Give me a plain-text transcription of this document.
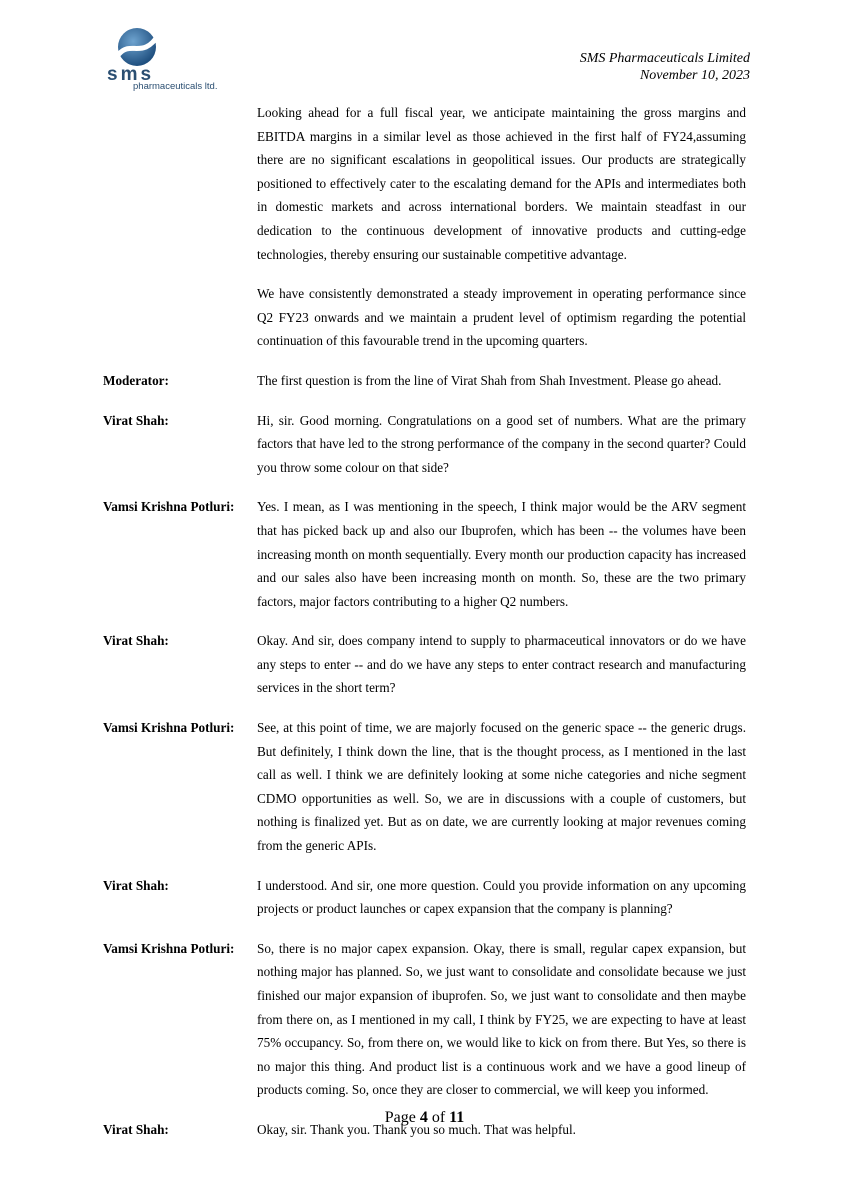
sms
pharmaceuticals ltd.
SMS Pharmaceuticals Limited
November 10, 2023

Looking ahead for a full fiscal year, we anticipate maintaining the gross margins and EBITDA margins in a similar level as those achieved in the first half of FY24,assuming there are no significant escalations in geopolitical issues. Our products are strategically positioned to effectively cater to the escalating demand for the APIs and intermediates both in domestic markets and across international borders. We maintain steadfast in our dedication to the continuous development of innovative products and cutting-edge technologies, thereby ensuring our sustainable competitive advantage.

We have consistently demonstrated a steady improvement in operating performance since Q2 FY23 onwards and we maintain a prudent level of optimism regarding the potential continuation of this favourable trend in the upcoming quarters.

Moderator:	The first question is from the line of Virat Shah from Shah Investment. Please go ahead.

Virat Shah:	Hi, sir. Good morning. Congratulations on a good set of numbers. What are the primary factors that have led to the strong performance of the company in the second quarter? Could you throw some colour on that side?

Vamsi Krishna Potluri:	Yes. I mean, as I was mentioning in the speech, I think major would be the ARV segment that has picked back up and also our Ibuprofen, which has been -- the volumes have been increasing month on month sequentially. Every month our production capacity has increased and our sales also have been increasing month on month. So, these are the two primary factors, major factors contributing to a higher Q2 numbers.

Virat Shah:	Okay. And sir, does company intend to supply to pharmaceutical innovators or do we have any steps to enter -- and do we have any steps to enter contract research and manufacturing services in the short term?

Vamsi Krishna Potluri:	See, at this point of time, we are majorly focused on the generic space -- the generic drugs. But definitely, I think down the line, that is the thought process, as I mentioned in the last call as well. I think we are definitely looking at some niche categories and niche segment CDMO opportunities as well. So, we are in discussions with a couple of customers, but nothing is finalized yet. But as on date, we are currently looking at major revenues coming from the generic APIs.

Virat Shah:	I understood. And sir, one more question. Could you provide information on any upcoming projects or product launches or capex expansion that the company is planning?

Vamsi Krishna Potluri:	So, there is no major capex expansion. Okay, there is small, regular capex expansion, but nothing major has planned. So, we just want to consolidate and consolidate because we just finished our major expansion of ibuprofen. So, we just want to consolidate and then maybe from there on, as I mentioned in my call, I think by FY25, we are expecting to have at least 75% occupancy. So, from there on, we would like to kick on from there. But Yes, so there is no major this thing. And product list is a continuous work and we have a good lineup of products coming. So, once they are closer to commercial, we will keep you informed.

Virat Shah:	Okay, sir. Thank you. Thank you so much. That was helpful.

Page 4 of 11
